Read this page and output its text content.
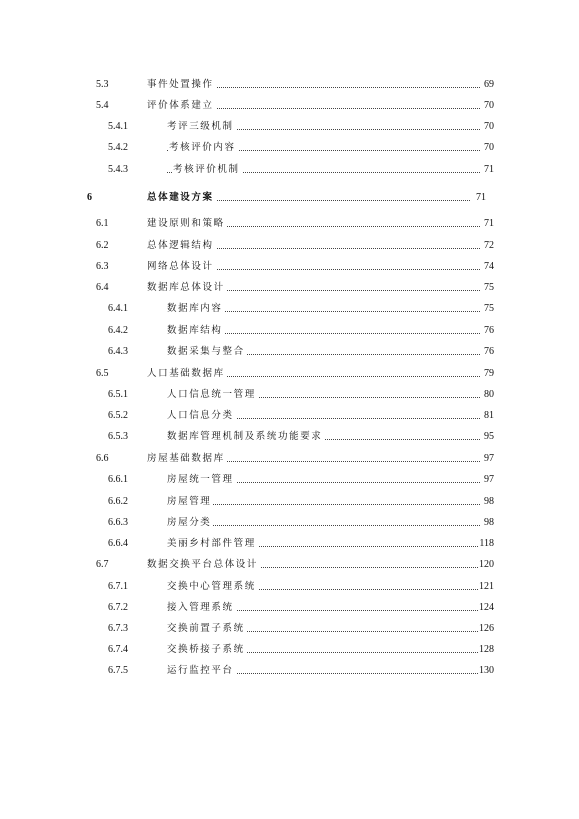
5.3	事件处置操作	69
5.4	评价体系建立	70
5.4.1	考评三级机制	70
5.4.2	考核评价内容	70
5.4.3	考核评价机制	71
6	总体建设方案	71
6.1	建设原则和策略	71
6.2	总体逻辑结构	72
6.3	网络总体设计	74
6.4	数据库总体设计	75
6.4.1	数据库内容	75
6.4.2	数据库结构	76
6.4.3	数据采集与整合	76
6.5	人口基础数据库	79
6.5.1	人口信息统一管理	80
6.5.2	人口信息分类	81
6.5.3	数据库管理机制及系统功能要求	95
6.6	房屋基础数据库	97
6.6.1	房屋统一管理	97
6.6.2	房屋管理	98
6.6.3	房屋分类	98
6.6.4	美丽乡村部件管理	118
6.7	数据交换平台总体设计	120
6.7.1	交换中心管理系统	121
6.7.2	接入管理系统	124
6.7.3	交换前置子系统	126
6.7.4	交换桥接子系统	128
6.7.5	运行监控平台	130
